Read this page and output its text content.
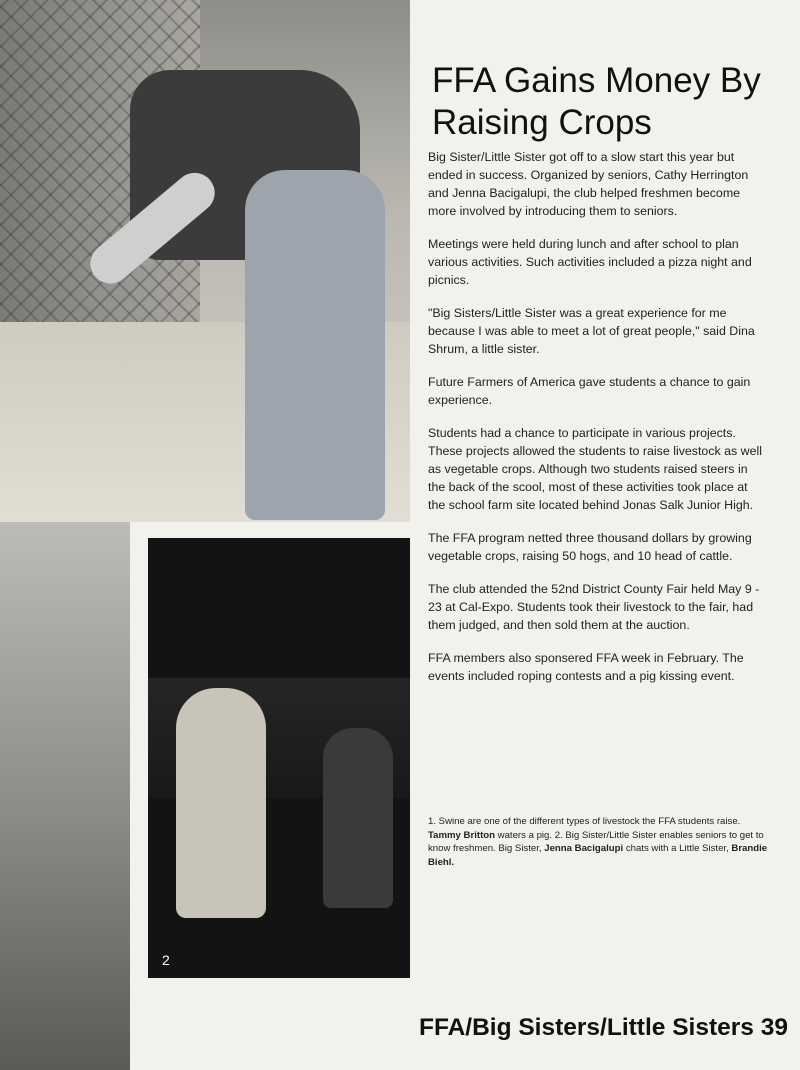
2
FFA Gains Money By Raising Crops

Big Sister/Little Sister got off to a slow start this year but ended in success. Organized by seniors, Cathy Herrington and Jenna Bacigalupi, the club helped freshmen become more involved by introducing them to seniors.

Meetings were held during lunch and after school to plan various activities. Such activities included a pizza night and picnics.

"Big Sisters/Little Sister was a great experience for me because I was able to meet a lot of great people," said Dina Shrum, a little sister.

Future Farmers of America gave students a chance to gain experience.

Students had a chance to participate in various projects. These projects allowed the students to raise livestock as well as vegetable crops. Although two students raised steers in the back of the scool, most of these activities took place at the school farm site located behind Jonas Salk Junior High.

The FFA program netted three thousand dollars by growing vegetable crops, raising 50 hogs, and 10 head of cattle.

The club attended the 52nd District County Fair held May 9 - 23 at Cal-Expo. Students took their livestock to the fair, had them judged, and then sold them at the auction.

FFA members also sponsered FFA week in February. The events included roping contests and a pig kissing event.

1. Swine are one of the different types of livestock the FFA students raise. Tammy Britton waters a pig. 2. Big Sister/Little Sister enables seniors to get to know freshmen. Big Sister, Jenna Bacigalupi chats with a Little Sister, Brandie Biehl.

FFA/Big Sisters/Little Sisters 39
